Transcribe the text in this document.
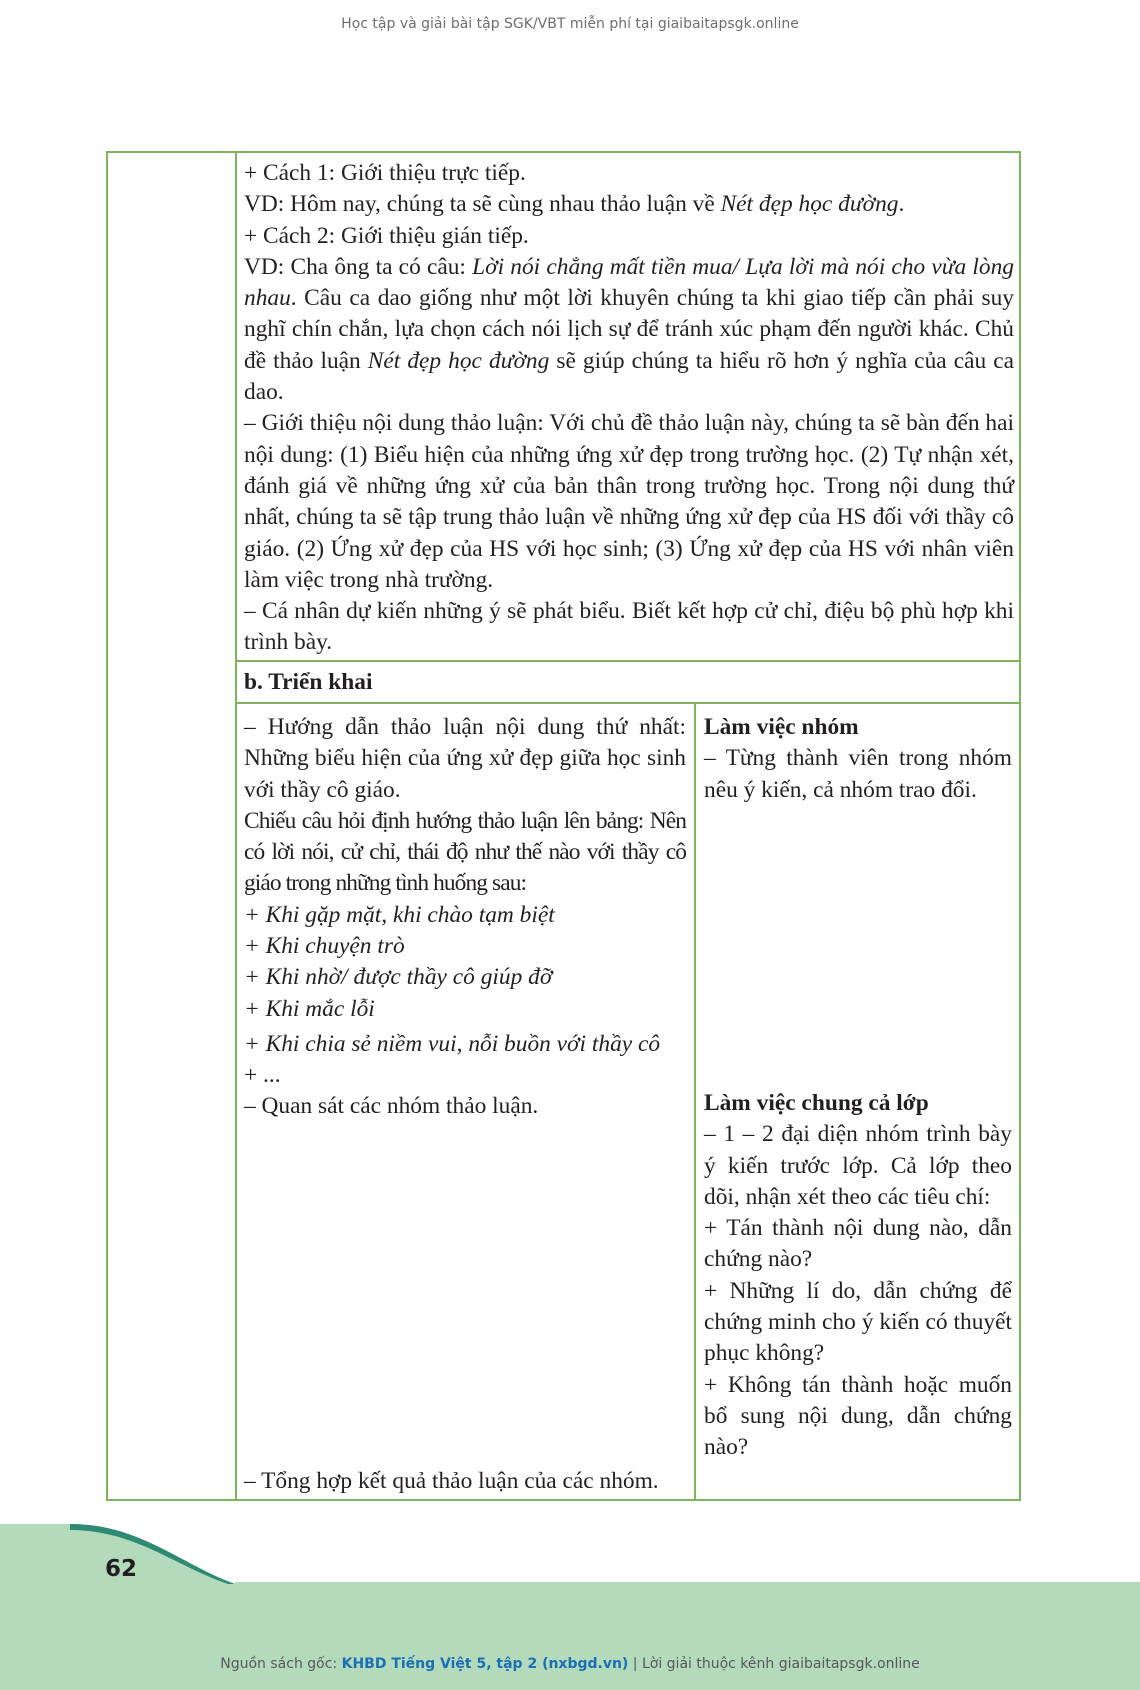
Học tập và giải bài tập SGK/VBT miễn phí tại giaibaitapsgk.online

+ Cách 1: Giới thiệu trực tiếp.

VD: Hôm nay, chúng ta sẽ cùng nhau thảo luận về Nét đẹp học đường.

+ Cách 2: Giới thiệu gián tiếp.

VD: Cha ông ta có câu: Lời nói chẳng mất tiền mua/ Lựa lời mà nói cho vừa lòng nhau. Câu ca dao giống như một lời khuyên chúng ta khi giao tiếp cần phải suy nghĩ chín chắn, lựa chọn cách nói lịch sự để tránh xúc phạm đến người khác. Chủ đề thảo luận Nét đẹp học đường sẽ giúp chúng ta hiểu rõ hơn ý nghĩa của câu ca dao.

– Giới thiệu nội dung thảo luận: Với chủ đề thảo luận này, chúng ta sẽ bàn đến hai nội dung: (1) Biểu hiện của những ứng xử đẹp trong trường học. (2) Tự nhận xét, đánh giá về những ứng xử của bản thân trong trường học. Trong nội dung thứ nhất, chúng ta sẽ tập trung thảo luận về những ứng xử đẹp của HS đối với thầy cô giáo. (2) Ứng xử đẹp của HS với học sinh; (3) Ứng xử đẹp của HS với nhân viên làm việc trong nhà trường.

– Cá nhân dự kiến những ý sẽ phát biểu. Biết kết hợp cử chỉ, điệu bộ phù hợp khi trình bày.

b. Triển khai

– Hướng dẫn thảo luận nội dung thứ nhất: Những biểu hiện của ứng xử đẹp giữa học sinh với thầy cô giáo.

Chiếu câu hỏi định hướng thảo luận lên bảng: Nên có lời nói, cử chỉ, thái độ như thế nào với thầy cô giáo trong những tình huống sau:

+ Khi gặp mặt, khi chào tạm biệt

+ Khi chuyện trò

+ Khi nhờ/ được thầy cô giúp đỡ

+ Khi mắc lỗi

+ Khi chia sẻ niềm vui, nỗi buồn với thầy cô

+ ...

– Quan sát các nhóm thảo luận.
– Tổng hợp kết quả thảo luận của các nhóm.

Làm việc nhóm

– Từng thành viên trong nhóm nêu ý kiến, cả nhóm trao đổi.

Làm việc chung cả lớp

– 1 – 2 đại diện nhóm trình bày ý kiến trước lớp. Cả lớp theo dõi, nhận xét theo các tiêu chí:

+ Tán thành nội dung nào, dẫn chứng nào?

+ Những lí do, dẫn chứng để chứng minh cho ý kiến có thuyết phục không?

+ Không tán thành hoặc muốn bổ sung nội dung, dẫn chứng nào?

62
Nguồn sách gốc: KHBD Tiếng Việt 5, tập 2 (nxbgd.vn) | Lời giải thuộc kênh giaibaitapsgk.online
